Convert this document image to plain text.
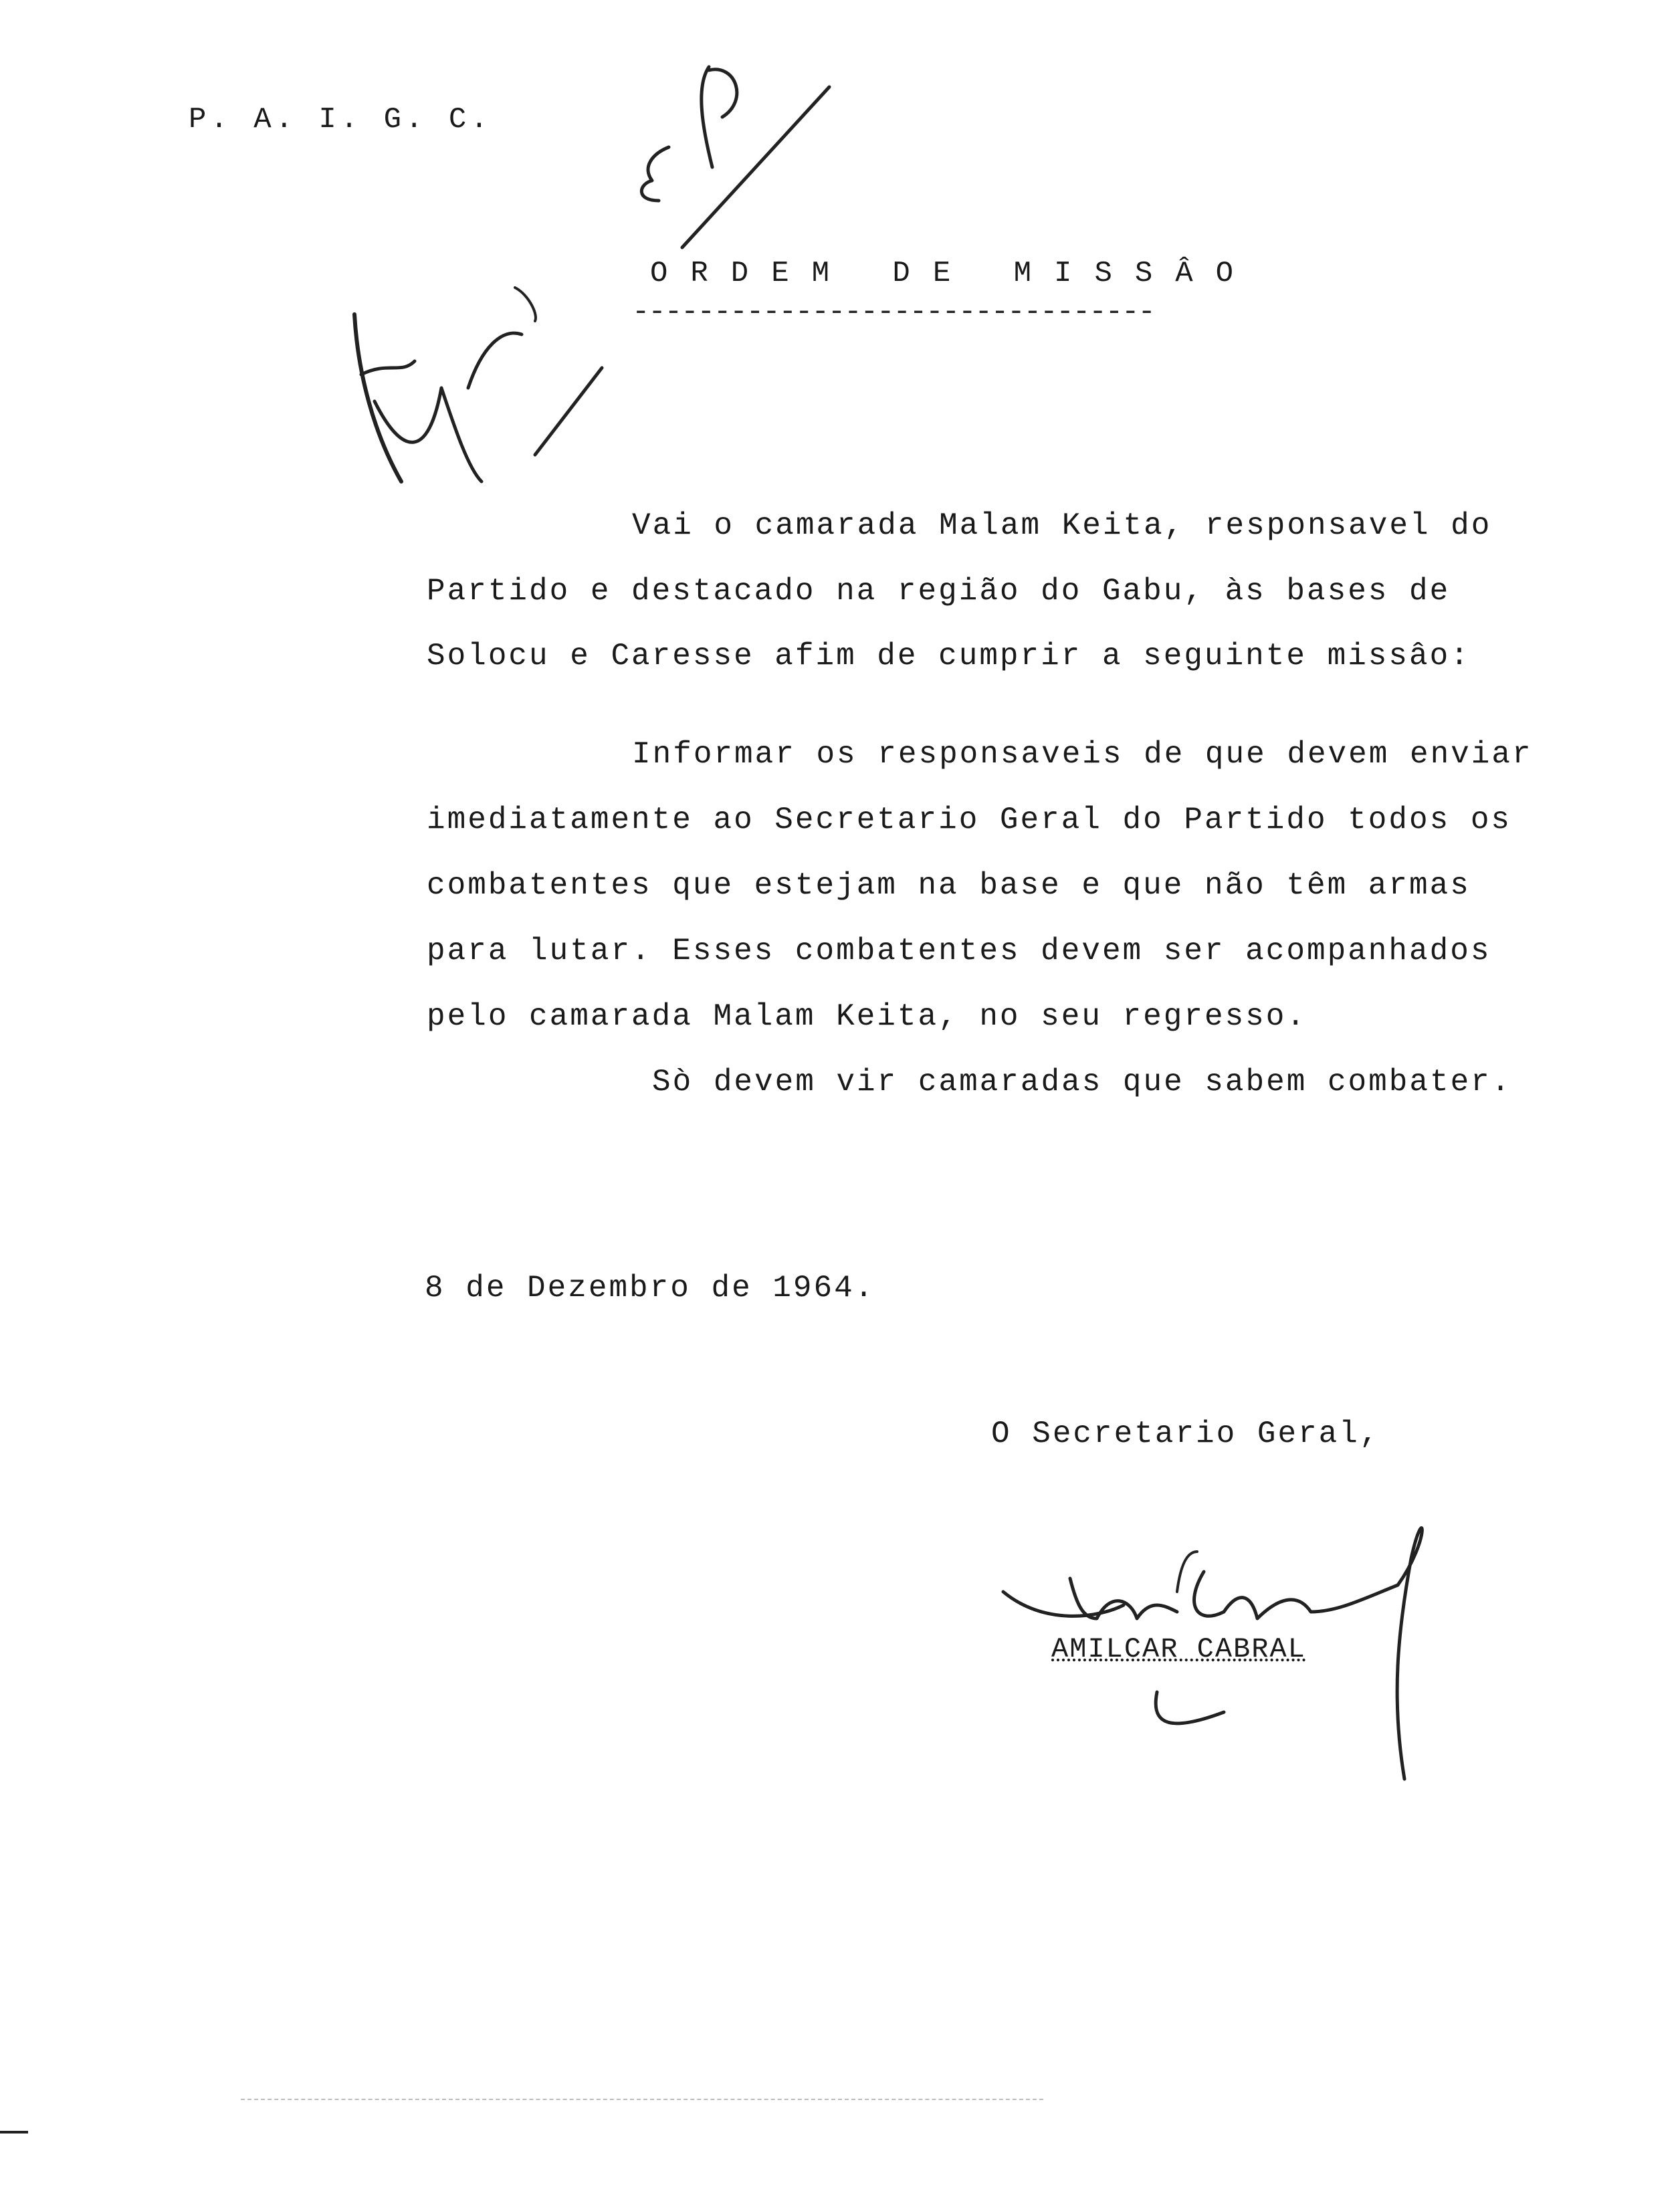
P. A. I. G. C.
ORDEM DE MISSÂO
--------------------------------
Vai o camarada Malam Keita, responsavel do
Partido e destacado na região do Gabu, às bases de
Solocu e Caresse afim de cumprir a seguinte missâo:
Informar os responsaveis de que devem enviar
imediatamente ao Secretario Geral do Partido todos os
combatentes que estejam na base e que não têm armas
para lutar. Esses combatentes devem ser acompanhados
pelo camarada Malam Keita, no seu regresso.
Sò devem vir camaradas que sabem combater.
8 de Dezembro de 1964.
O Secretario Geral,
AMILCAR CABRAL
